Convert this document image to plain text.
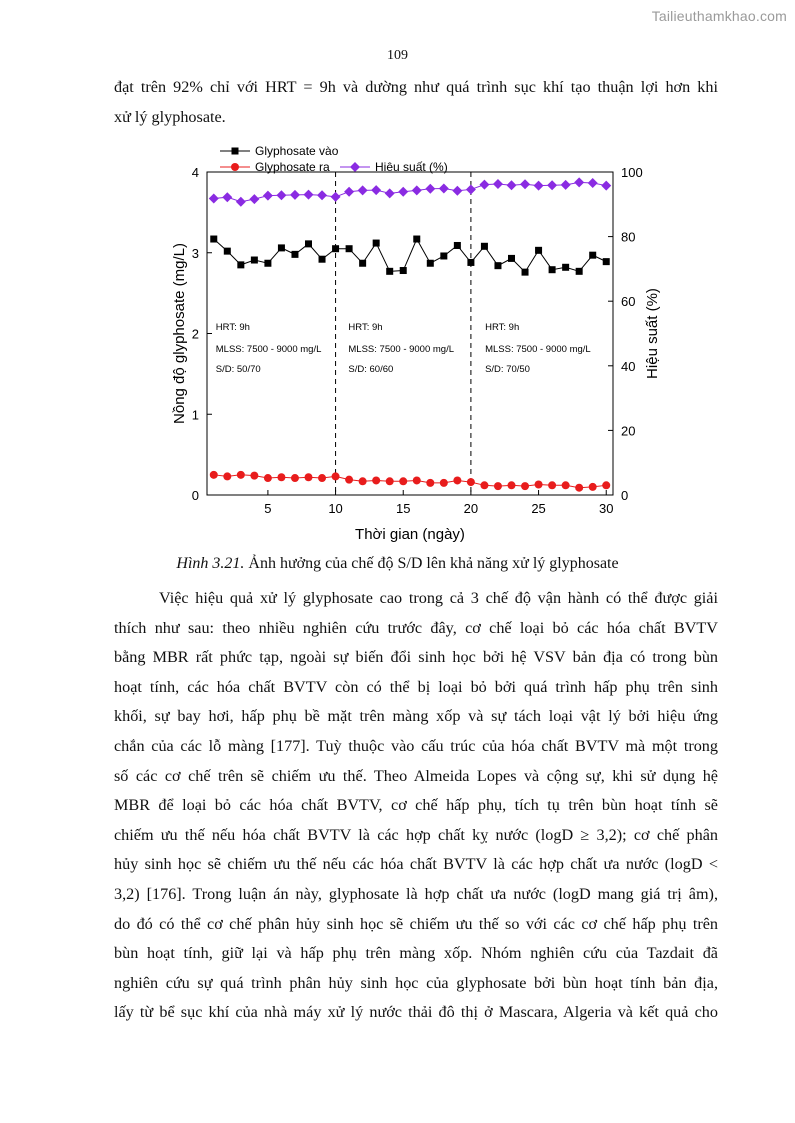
Tailieuthamkhao.com
109
đạt trên 92% chỉ với HRT = 9h và dường như quá trình sục khí tạo thuận lợi hơn khi
xử lý glyphosate.
5	10	15	20	25	30
0
1
2
3
4
0
20
40
60
80
100
Thời gian (ngày)
Nồng độ glyphosate (mg/L)	Hiệu suất (%)
HRT: 9h
MLSS: 7500 - 9000 mg/L
S/D: 50/70
HRT: 9h
MLSS: 7500 - 9000 mg/L
S/D: 60/60
HRT: 9h
MLSS: 7500 - 9000 mg/L
S/D: 70/50
Glyphosate vào
Glyphosate ra	Hiệu suất (%)
Hình 3.21. Ảnh hưởng của chế độ S/D lên khả năng xử lý glyphosate
Việc hiệu quả xử lý glyphosate cao trong cả 3 chế độ vận hành có thể được giải
thích như sau: theo nhiều nghiên cứu trước đây, cơ chế loại bỏ các hóa chất BVTV
bằng MBR rất phức tạp, ngoài sự biến đổi sinh học bởi hệ VSV bản địa có trong bùn
hoạt tính, các hóa chất BVTV còn có thể bị loại bỏ bởi quá trình hấp phụ trên sinh
khối, sự bay hơi, hấp phụ bề mặt trên màng xốp và sự tách loại vật lý bởi hiệu ứng
chắn của các lỗ màng [177]. Tuỳ thuộc vào cấu trúc của hóa chất BVTV mà một trong
số các cơ chế trên sẽ chiếm ưu thế. Theo Almeida Lopes và cộng sự, khi sử dụng hệ
MBR để loại bỏ các hóa chất BVTV, cơ chế hấp phụ, tích tụ trên bùn hoạt tính sẽ
chiếm ưu thế nếu hóa chất BVTV là các hợp chất kỵ nước (logD ≥ 3,2); cơ chế phân
hủy sinh học sẽ chiếm ưu thế nếu các hóa chất BVTV là các hợp chất ưa nước (logD <
3,2) [176]. Trong luận án này, glyphosate là hợp chất ưa nước (logD mang giá trị âm),
do đó có thể cơ chế phân hủy sinh học sẽ chiếm ưu thế so với các cơ chế hấp phụ trên
bùn hoạt tính, giữ lại và hấp phụ trên màng xốp. Nhóm nghiên cứu của Tazdait đã
nghiên cứu sự quá trình phân hủy sinh học của glyphosate bởi bùn hoạt tính bản địa,
lấy từ bể sục khí của nhà máy xử lý nước thải đô thị ở Mascara, Algeria và kết quả cho
